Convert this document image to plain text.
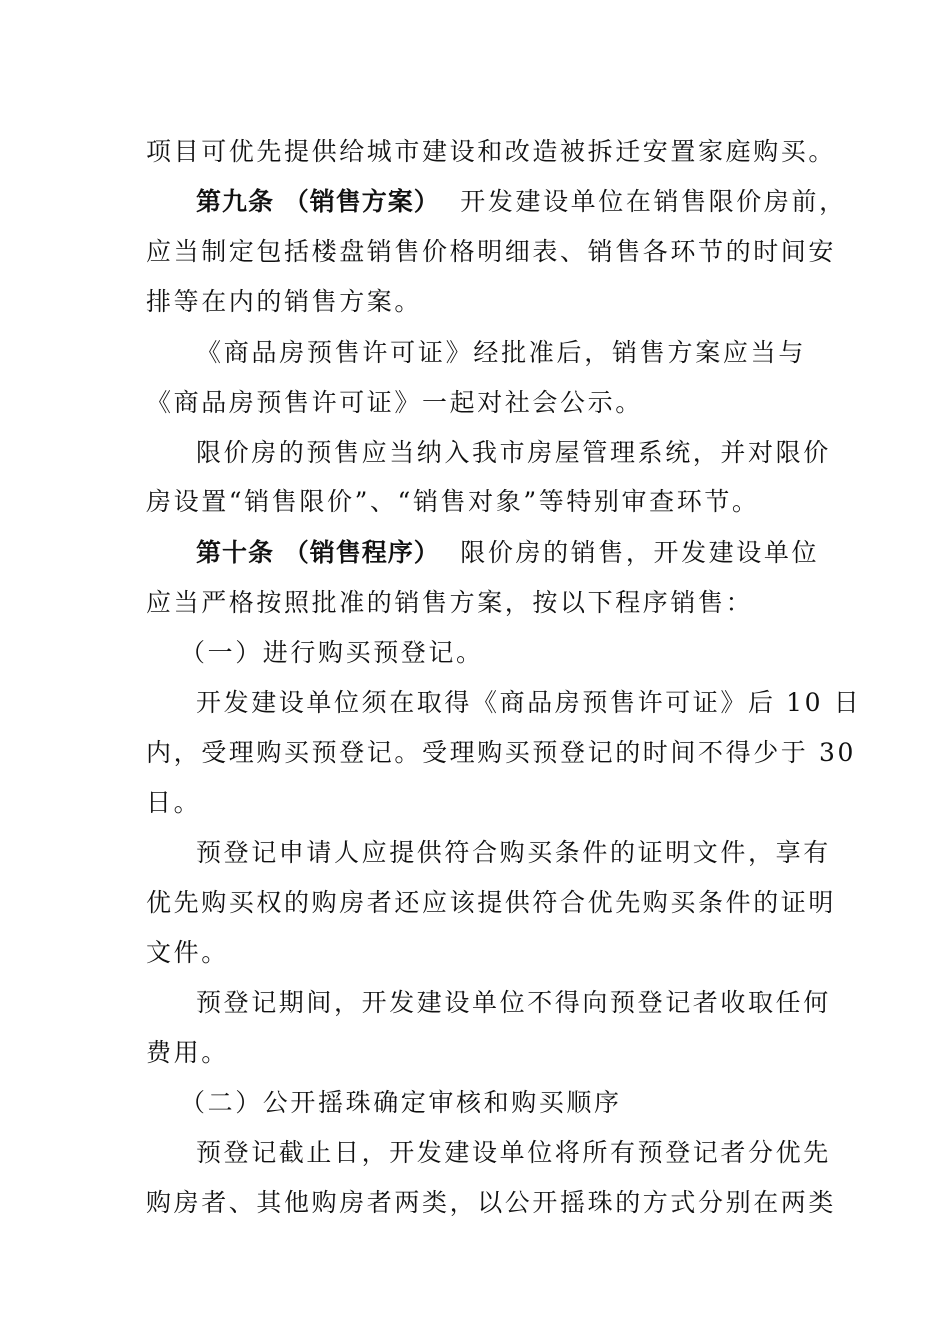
项目可优先提供给城市建设和改造被拆迁安置家庭购买。
第九条 （销售方案） 开发建设单位在销售限价房前，
应当制定包括楼盘销售价格明细表、销售各环节的时间安
排等在内的销售方案。
《商品房预售许可证》经批准后，销售方案应当与
《商品房预售许可证》一起对社会公示。
限价房的预售应当纳入我市房屋管理系统，并对限价
房设置“销售限价”、“销售对象”等特别审查环节。
第十条 （销售程序） 限价房的销售，开发建设单位
应当严格按照批准的销售方案，按以下程序销售：
（一）进行购买预登记。
开发建设单位须在取得《商品房预售许可证》后 10 日
内，受理购买预登记。受理购买预登记的时间不得少于 30
日。
预登记申请人应提供符合购买条件的证明文件，享有
优先购买权的购房者还应该提供符合优先购买条件的证明
文件。
预登记期间，开发建设单位不得向预登记者收取任何
费用。
（二）公开摇珠确定审核和购买顺序
预登记截止日，开发建设单位将所有预登记者分优先
购房者、其他购房者两类，以公开摇珠的方式分别在两类
